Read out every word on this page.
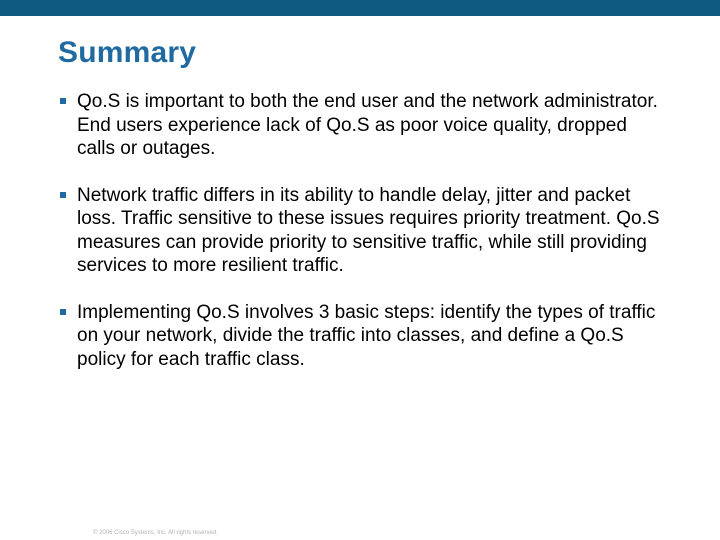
Summary
Qo.S is important to both the end user and the network administrator. End users experience lack of Qo.S as poor voice quality, dropped calls or outages.
Network traffic differs in its ability to handle delay, jitter and packet loss. Traffic sensitive to these issues requires priority treatment. Qo.S measures can provide priority to sensitive traffic, while still providing services to more resilient traffic.
Implementing Qo.S involves 3 basic steps: identify the types of traffic on your network, divide the traffic into classes, and define a Qo.S policy for each traffic class.
© 2006 Cisco Systems, Inc. All rights reserved.
